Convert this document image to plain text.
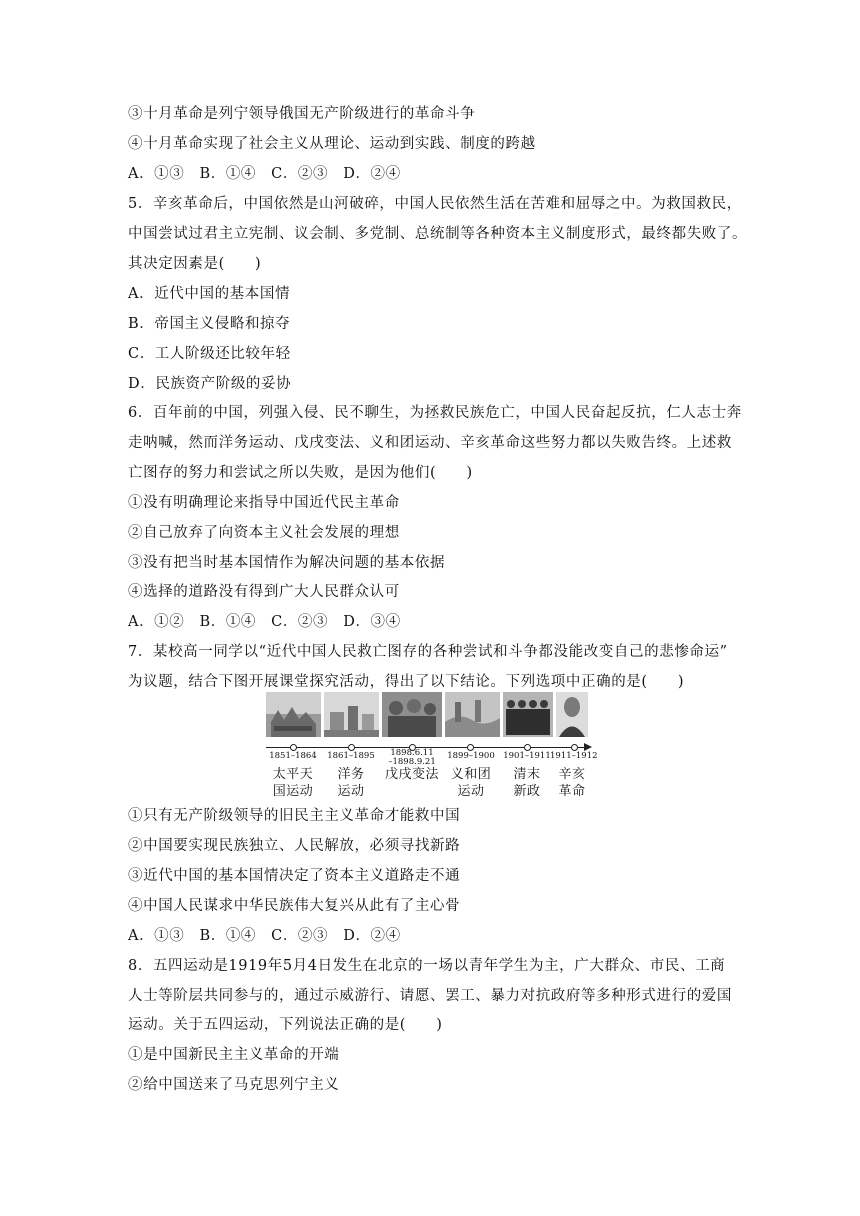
③十月革命是列宁领导俄国无产阶级进行的革命斗争
④十月革命实现了社会主义从理论、运动到实践、制度的跨越
A．①③　B．①④　C．②③　D．②④
5．辛亥革命后，中国依然是山河破碎，中国人民依然生活在苦难和屈辱之中。为救国救民，
中国尝试过君主立宪制、议会制、多党制、总统制等各种资本主义制度形式，最终都失败了。
其决定因素是(　　)
A．近代中国的基本国情
B．帝国主义侵略和掠夺
C．工人阶级还比较年轻
D．民族资产阶级的妥协
6．百年前的中国，列强入侵、民不聊生，为拯救民族危亡，中国人民奋起反抗，仁人志士奔
走呐喊，然而洋务运动、戊戌变法、义和团运动、辛亥革命这些努力都以失败告终。上述救
亡图存的努力和尝试之所以失败，是因为他们(　　)
①没有明确理论来指导中国近代民主革命
②自己放弃了向资本主义社会发展的理想
③没有把当时基本国情作为解决问题的基本依据
④选择的道路没有得到广大人民群众认可
A．①②　B．①④　C．②③　D．③④
7．某校高一同学以“近代中国人民救亡图存的各种尝试和斗争都没能改变自己的悲惨命运”
为议题，结合下图开展课堂探究活动，得出了以下结论。下列选项中正确的是(　　)
1851–1864	1861–1895	1898.6.11
–1898.9.21
1899–1900 1901–1911 1911–1912
太平天
国运动
洋务
运动
戊戌变法 义和团
运动
清末
新政
辛亥
革命
①只有无产阶级领导的旧民主主义革命才能救中国
②中国要实现民族独立、人民解放，必须寻找新路
③近代中国的基本国情决定了资本主义道路走不通
④中国人民谋求中华民族伟大复兴从此有了主心骨
A．①③　B．①④　C．②③　D．②④
8．五四运动是1919年5月4日发生在北京的一场以青年学生为主，广大群众、市民、工商
人士等阶层共同参与的，通过示威游行、请愿、罢工、暴力对抗政府等多种形式进行的爱国
运动。关于五四运动，下列说法正确的是(　　)
①是中国新民主主义革命的开端
②给中国送来了马克思列宁主义
